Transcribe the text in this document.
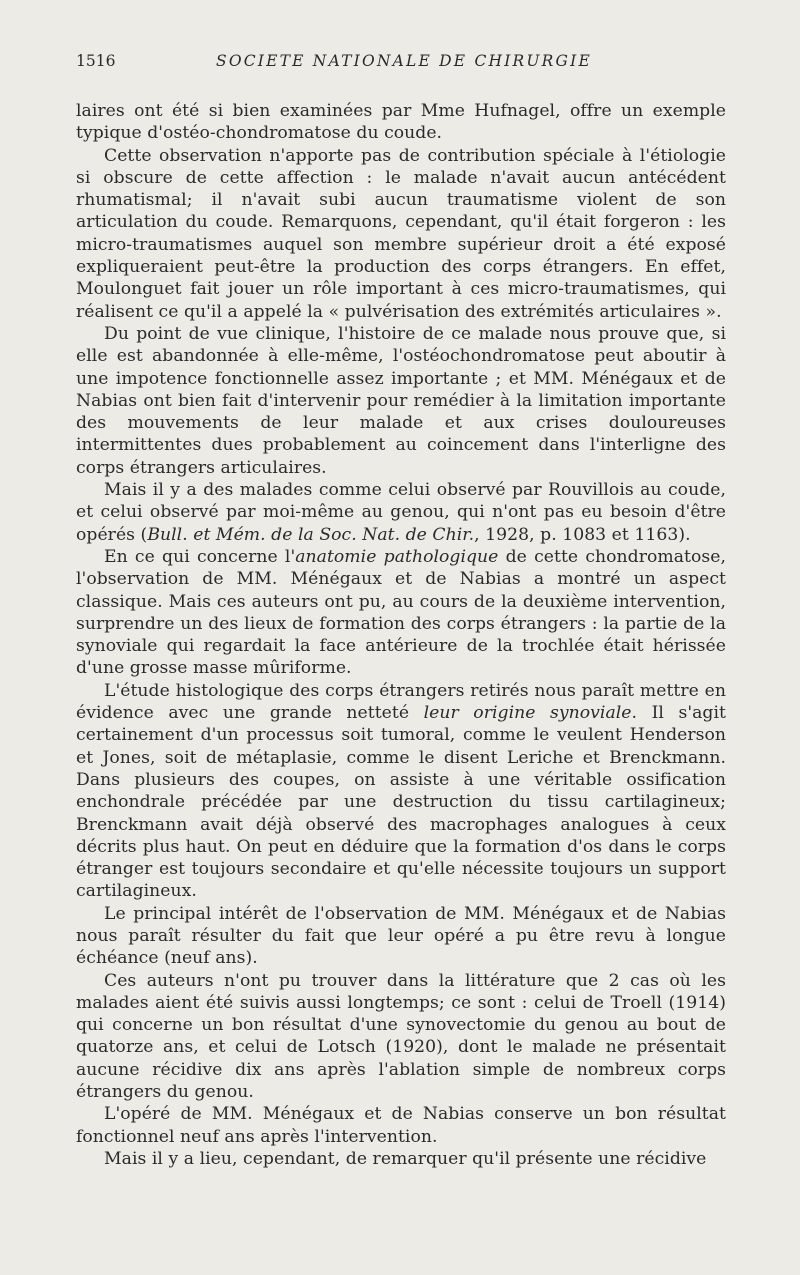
1516	SOCIETE NATIONALE DE CHIRURGIE

laires ont été si bien examinées par Mme Hufnagel, offre un exemple typique d'ostéo-chondromatose du coude.

Cette observation n'apporte pas de contribution spéciale à l'étiologie si obscure de cette affection : le malade n'avait aucun antécédent rhumatismal; il n'avait subi aucun traumatisme violent de son articulation du coude. Remarquons, cependant, qu'il était forgeron : les micro-traumatismes auquel son membre supérieur droit a été exposé expliqueraient peut-être la production des corps étrangers. En effet, Moulonguet fait jouer un rôle important à ces micro-traumatismes, qui réalisent ce qu'il a appelé la « pulvérisation des extrémités articulaires ».

Du point de vue clinique, l'histoire de ce malade nous prouve que, si elle est abandonnée à elle-même, l'ostéochondromatose peut aboutir à une impotence fonctionnelle assez importante ; et MM. Ménégaux et de Nabias ont bien fait d'intervenir pour remédier à la limitation importante des mouvements de leur malade et aux crises douloureuses intermittentes dues probablement au coincement dans l'interligne des corps étrangers articulaires.

Mais il y a des malades comme celui observé par Rouvillois au coude, et celui observé par moi-même au genou, qui n'ont pas eu besoin d'être opérés (Bull. et Mém. de la Soc. Nat. de Chir., 1928, p. 1083 et 1163).

En ce qui concerne l'anatomie pathologique de cette chondromatose, l'observation de MM. Ménégaux et de Nabias a montré un aspect classique. Mais ces auteurs ont pu, au cours de la deuxième intervention, surprendre un des lieux de formation des corps étrangers : la partie de la synoviale qui regardait la face antérieure de la trochlée était hérissée d'une grosse masse mûriforme.

L'étude histologique des corps étrangers retirés nous paraît mettre en évidence avec une grande netteté leur origine synoviale. Il s'agit certainement d'un processus soit tumoral, comme le veulent Henderson et Jones, soit de métaplasie, comme le disent Leriche et Brenckmann. Dans plusieurs des coupes, on assiste à une véritable ossification enchondrale précédée par une destruction du tissu cartilagineux; Brenckmann avait déjà observé des macrophages analogues à ceux décrits plus haut. On peut en déduire que la formation d'os dans le corps étranger est toujours secondaire et qu'elle nécessite toujours un support cartilagineux.

Le principal intérêt de l'observation de MM. Ménégaux et de Nabias nous paraît résulter du fait que leur opéré a pu être revu à longue échéance (neuf ans).

Ces auteurs n'ont pu trouver dans la littérature que 2 cas où les malades aient été suivis aussi longtemps; ce sont : celui de Troell (1914) qui concerne un bon résultat d'une synovectomie du genou au bout de quatorze ans, et celui de Lotsch (1920), dont le malade ne présentait aucune récidive dix ans après l'ablation simple de nombreux corps étrangers du genou.

L'opéré de MM. Ménégaux et de Nabias conserve un bon résultat fonctionnel neuf ans après l'intervention.

Mais il y a lieu, cependant, de remarquer qu'il présente une récidive
